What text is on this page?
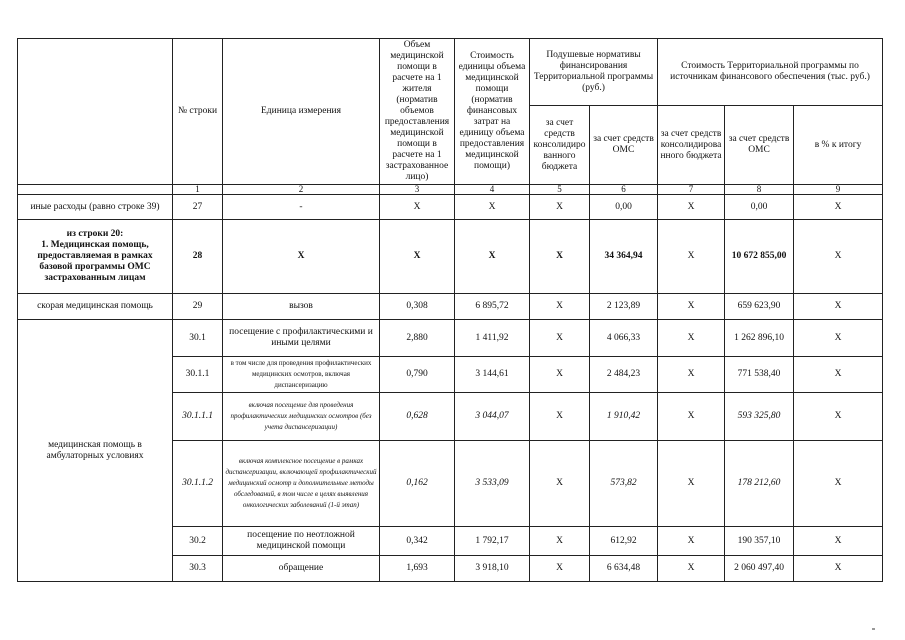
	№ строки	Единица измерения	Объем медицинской помощи в расчете на 1 жителя (норматив объемов предоставления медицинской помощи в расчете на 1 застрахованное лицо)	Стоимость единицы объема медицинской помощи (норматив финансовых затрат на единицу объема предоставления медицинской помощи)	Подушевые нормативы финансирования Территориальной программы (руб.)		Стоимость Территориальной программы по источникам финансового обеспечения (тыс. руб.)		
					за счет средств консолидированного бюджета	за счет средств ОМС	за счет средств консолидированного бюджета	за счет средств ОМС	в % к итогу
	1	2	3	4	5	6	7	8	9
иные расходы (равно строке 39)	27	-	X	X	X	0,00	X	0,00	X
из строки 20:
1. Медицинская помощь, предоставляемая в рамках базовой программы ОМС застрахованным лицам	28	X	X	X	X	34 364,94	X	10 672 855,00	X
скорая медицинская помощь	29	вызов	0,308	6 895,72	X	2 123,89	X	659 623,90	X
медицинская помощь в амбулаторных условиях	30.1	посещение с профилактическими и иными целями	2,880	1 411,92	X	4 066,33	X	1 262 896,10	X
	30.1.1	в том числе для проведения профилактических медицинских осмотров, включая диспансеризацию	0,790	3 144,61	X	2 484,23	X	771 538,40	X
	30.1.1.1	включая посещение для проведения профилактических медицинских осмотров (без учета диспансеризации)	0,628	3 044,07	X	1 910,42	X	593 325,80	X
	30.1.1.2	включая комплексное посещение в рамках диспансеризации, включающей профилактический медицинский осмотр и дополнительные методы обследований, в том числе в целях выявления онкологических заболеваний (1-й этап)	0,162	3 533,09	X	573,82	X	178 212,60	X
	30.2	посещение по неотложной медицинской помощи	0,342	1 792,17	X	612,92	X	190 357,10	X
	30.3	обращение	1,693	3 918,10	X	6 634,48	X	2 060 497,40	X
